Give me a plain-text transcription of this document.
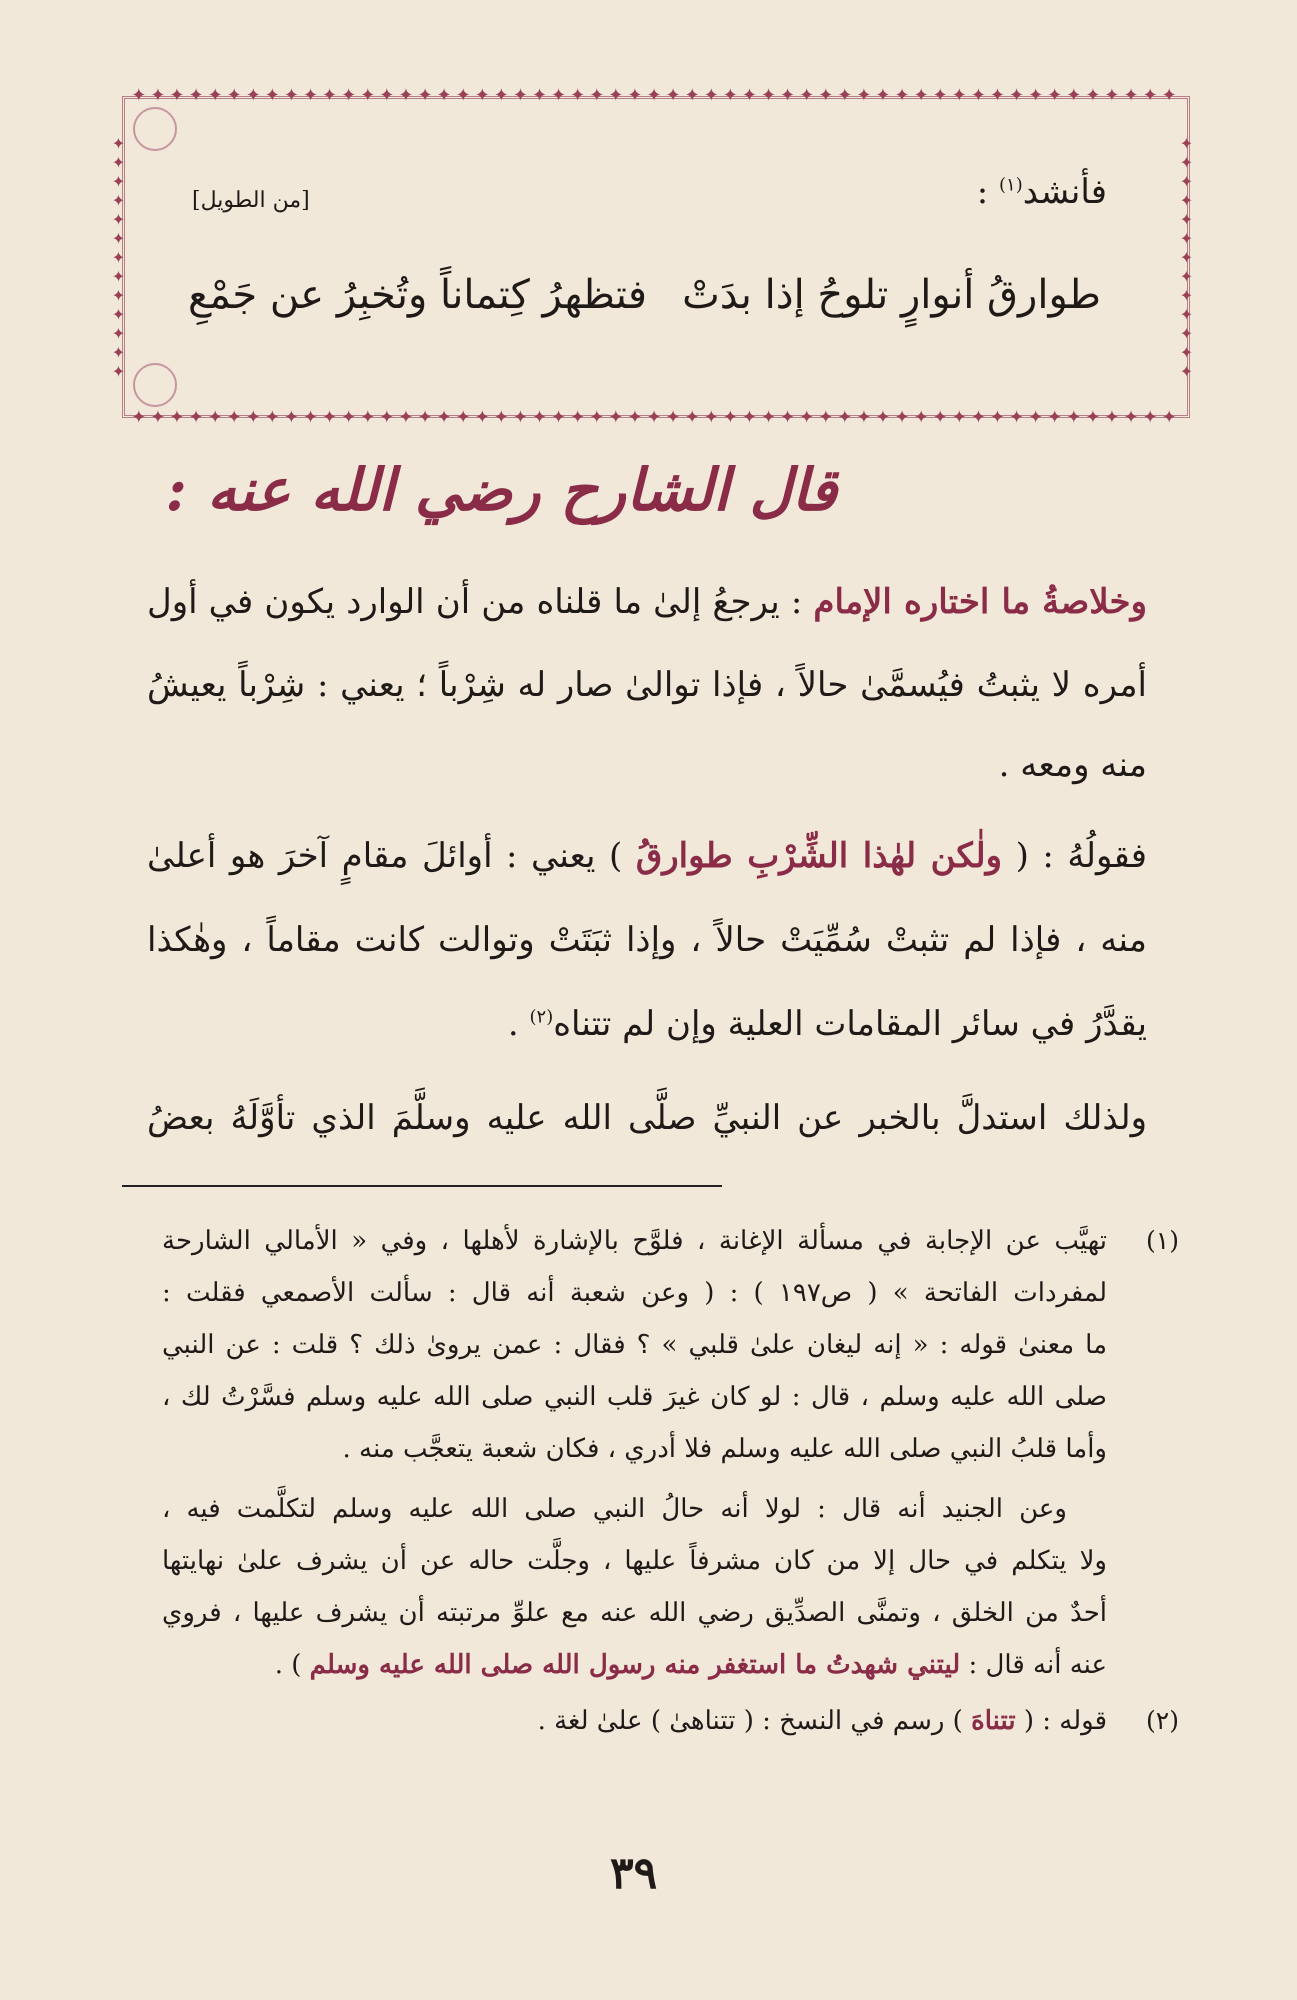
✦✦✦✦✦✦✦✦✦✦✦✦✦✦✦✦✦✦✦✦✦✦✦✦✦✦✦✦✦✦✦✦✦✦✦✦✦✦✦✦✦✦✦✦✦✦✦✦✦✦✦✦✦✦✦
✦✦✦✦✦✦✦✦✦✦✦✦✦✦✦✦✦✦✦✦✦✦✦✦✦✦✦✦✦✦✦✦✦✦✦✦✦✦✦✦✦✦✦✦✦✦✦✦✦✦✦✦✦✦✦
✦✦✦✦✦✦✦✦✦✦✦✦✦	✦✦✦✦✦✦✦✦✦✦✦✦✦
فأنشد$^{(١)}$ :
[من الطويل]
طوارقُ أنوارٍ تلوحُ إذا بدَتْ
فتظهرُ كِتماناً وتُخبِرُ عن جَمْعِ
قال الشارح رضي الله عنه :
وخلاصةُ ما اختاره الإمام : يرجعُ إلىٰ ما قلناه من أن الوارد يكون في أول
أمره لا يثبتُ فيُسمَّىٰ حالاً ، فإذا توالىٰ صار له شِرْباً ؛ يعني : شِرْباً يعيشُ
منه ومعه .
فقولُهُ : ( ولٰكن لهٰذا الشِّرْبِ طوارقُ ) يعني : أوائلَ مقامٍ آخرَ هو أعلىٰ
منه ، فإذا لم تثبتْ سُمِّيَتْ حالاً ، وإذا ثبَتَتْ وتوالت كانت مقاماً ، وهٰكذا
يقدَّرُ في سائر المقامات العلية وإن لم تتناه$^{(٢)}$ .
ولذلك استدلَّ بالخبر عن النبيِّ صلَّى الله عليه وسلَّمَ الذي تأوَّلَهُ بعضُ
(١)
تهيَّب عن الإجابة في مسألة الإغانة ، فلوَّح بالإشارة لأهلها ، وفي « الأمالي الشارحة
لمفردات الفاتحة » ( ص١٩٧ ) : ( وعن شعبة أنه قال : سألت الأصمعي فقلت :
ما معنىٰ قوله : « إنه ليغان علىٰ قلبي » ؟ فقال : عمن يروىٰ ذلك ؟ قلت : عن النبي
صلى الله عليه وسلم ، قال : لو كان غيرَ قلب النبي صلى الله عليه وسلم فسَّرْتُ لك ،
وأما قلبُ النبي صلى الله عليه وسلم فلا أدري ، فكان شعبة يتعجَّب منه .
وعن الجنيد أنه قال : لولا أنه حالُ النبي صلى الله عليه وسلم لتكلَّمت فيه ،
ولا يتكلم في حال إلا من كان مشرفاً عليها ، وجلَّت حاله عن أن يشرف علىٰ نهايتها
أحدٌ من الخلق ، وتمنَّى الصدِّيق رضي الله عنه مع علوِّ مرتبته أن يشرف عليها ، فروي
عنه أنه قال : ليتني شهدتُ ما استغفر منه رسول الله صلى الله عليه وسلم ) .
(٢)
قوله : ( تتناهَ ) رسم في النسخ : ( تتناهىٰ ) علىٰ لغة .
٣٩
